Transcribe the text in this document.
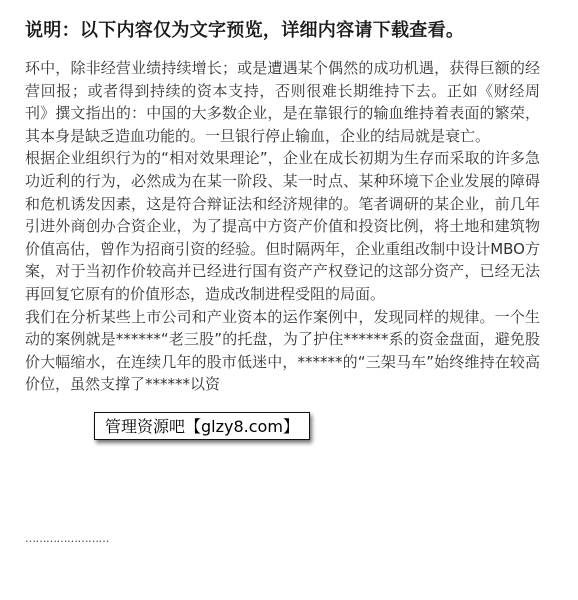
说明：以下内容仅为文字预览，详细内容请下载查看。

环中，除非经营业绩持续增长；或是遭遇某个偶然的成功机遇，获得巨额的经营回报；或者得到持续的资本支持，否则很难长期维持下去。正如《财经周刊》撰文指出的：中国的大多数企业，是在靠银行的输血维持着表面的繁荣，其本身是缺乏造血功能的。一旦银行停止输血，企业的结局就是衰亡。

根据企业组织行为的“相对效果理论”，企业在成长初期为生存而采取的许多急功近利的行为，必然成为在某一阶段、某一时点、某种环境下企业发展的障碍和危机诱发因素，这是符合辩证法和经济规律的。笔者调研的某企业，前几年引进外商创办合资企业，为了提高中方资产价值和投资比例，将土地和建筑物价值高估，曾作为招商引资的经验。但时隔两年，企业重组改制中设计MBO方案，对于当初作价较高并已经进行国有资产产权登记的这部分资产，已经无法再回复它原有的价值形态，造成改制进程受阻的局面。

我们在分析某些上市公司和产业资本的运作案例中，发现同样的规律。一个生动的案例就是******“老三股”的托盘，为了护住******系的资金盘面，避免股价大幅缩水，在连续几年的股市低迷中，******的“三架马车”始终维持在较高价位，虽然支撑了******以资

……………………
管理资源吧【glzy8.com】
